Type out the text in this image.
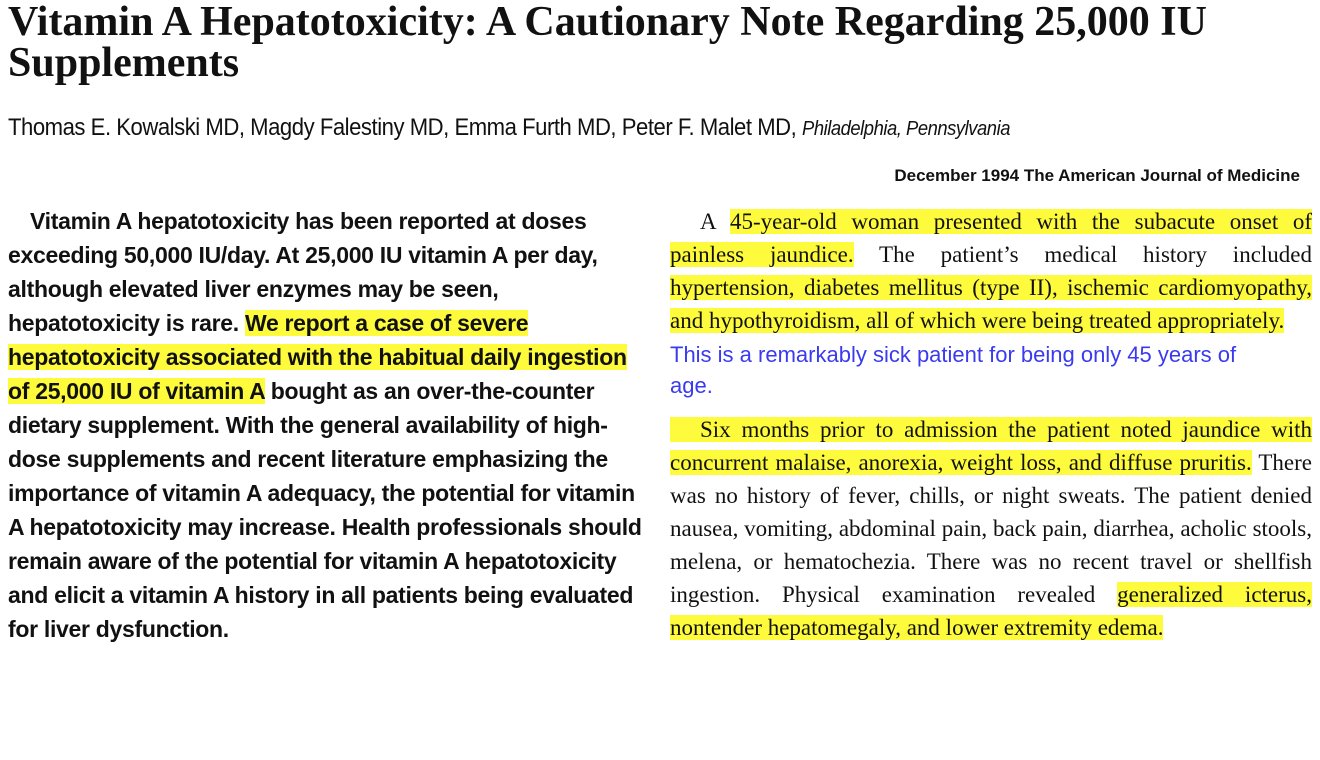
Vitamin A Hepatotoxicity: A Cautionary Note Regarding 25,000 IU Supplements
Thomas E. Kowalski MD, Magdy Falestiny MD, Emma Furth MD, Peter F. Malet MD, Philadelphia, Pennsylvania
December 1994 The American Journal of Medicine

Vitamin A hepatotoxicity has been reported at doses exceeding 50,000 IU/day. At 25,000 IU vitamin A per day, although elevated liver enzymes may be seen, hepatotoxicity is rare. We report a case of severe hepatotoxicity associated with the habitual daily ingestion of 25,000 IU of vitamin A bought as an over-the-counter dietary supplement. With the general availability of high-dose supplements and recent literature emphasizing the importance of vitamin A adequacy, the potential for vitamin A hepatotoxicity may increase. Health professionals should remain aware of the potential for vitamin A hepatotoxicity and elicit a vitamin A history in all patients being evaluated for liver dysfunction.

A 45-year-old woman presented with the subacute onset of painless jaundice. The patient’s medical history included hypertension, diabetes mellitus (type II), ischemic cardiomyopathy, and hypothyroidism, all of which were being treated appropriately.

This is a remarkably sick patient for being only 45 years of age.

Six months prior to admission the patient noted jaundice with concurrent malaise, anorexia, weight loss, and diffuse pruritis. There was no history of fever, chills, or night sweats. The patient denied nausea, vomiting, abdominal pain, back pain, diarrhea, acholic stools, melena, or hematochezia. There was no recent travel or shellfish ingestion. Physical examination revealed generalized icterus, nontender hepatomegaly, and lower extremity edema.
